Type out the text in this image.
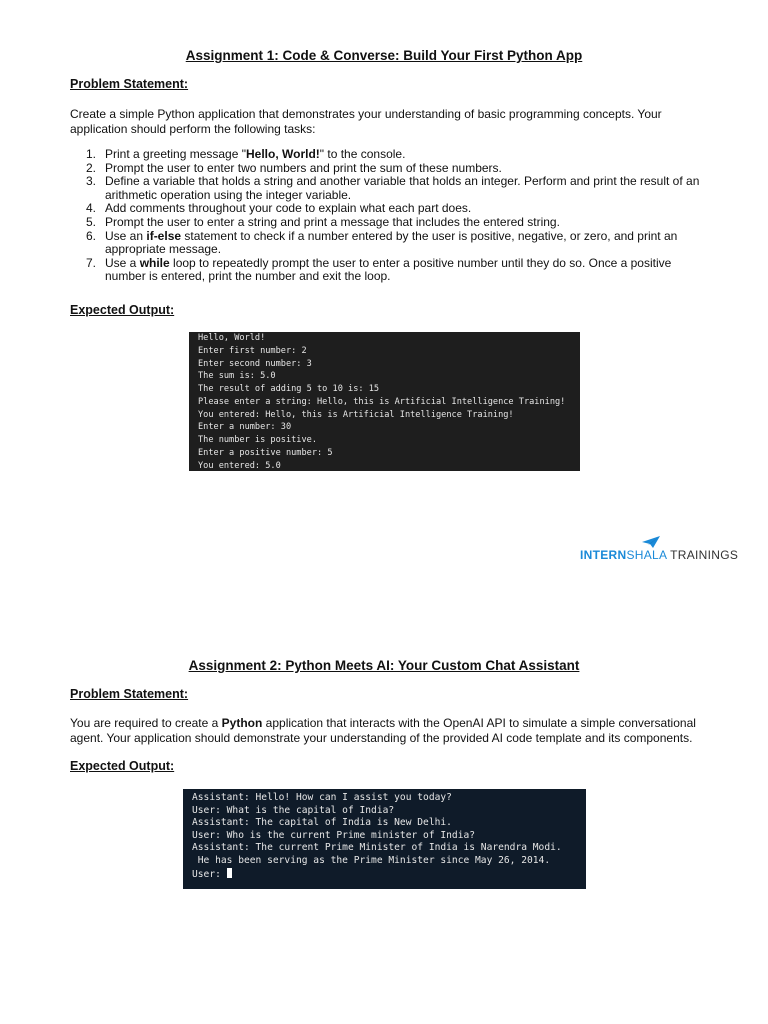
Assignment 1: Code & Converse: Build Your First Python App
Problem Statement:
Create a simple Python application that demonstrates your understanding of basic programming concepts. Your application should perform the following tasks:
1. Print a greeting message "Hello, World!" to the console.
2. Prompt the user to enter two numbers and print the sum of these numbers.
3. Define a variable that holds a string and another variable that holds an integer. Perform and print the result of an arithmetic operation using the integer variable.
4. Add comments throughout your code to explain what each part does.
5. Prompt the user to enter a string and print a message that includes the entered string.
6. Use an if-else statement to check if a number entered by the user is positive, negative, or zero, and print an appropriate message.
7. Use a while loop to repeatedly prompt the user to enter a positive number until they do so. Once a positive number is entered, print the number and exit the loop.
Expected Output:
Hello, World!
Enter first number: 2
Enter second number: 3
The sum is: 5.0
The result of adding 5 to 10 is: 15
Please enter a string: Hello, this is Artificial Intelligence Training!
You entered: Hello, this is Artificial Intelligence Training!
Enter a number: 30
The number is positive.
Enter a positive number: 5
You entered: 5.0
INTERNSHALA TRAININGS
Assignment 2: Python Meets AI: Your Custom Chat Assistant
Problem Statement:
You are required to create a Python application that interacts with the OpenAI API to simulate a simple conversational agent. Your application should demonstrate your understanding of the provided AI code template and its components.
Expected Output:
Assistant: Hello! How can I assist you today?
User: What is the capital of India?
Assistant: The capital of India is New Delhi.
User: Who is the current Prime minister of India?
Assistant: The current Prime Minister of India is Narendra Modi.
He has been serving as the Prime Minister since May 26, 2014.
User:
